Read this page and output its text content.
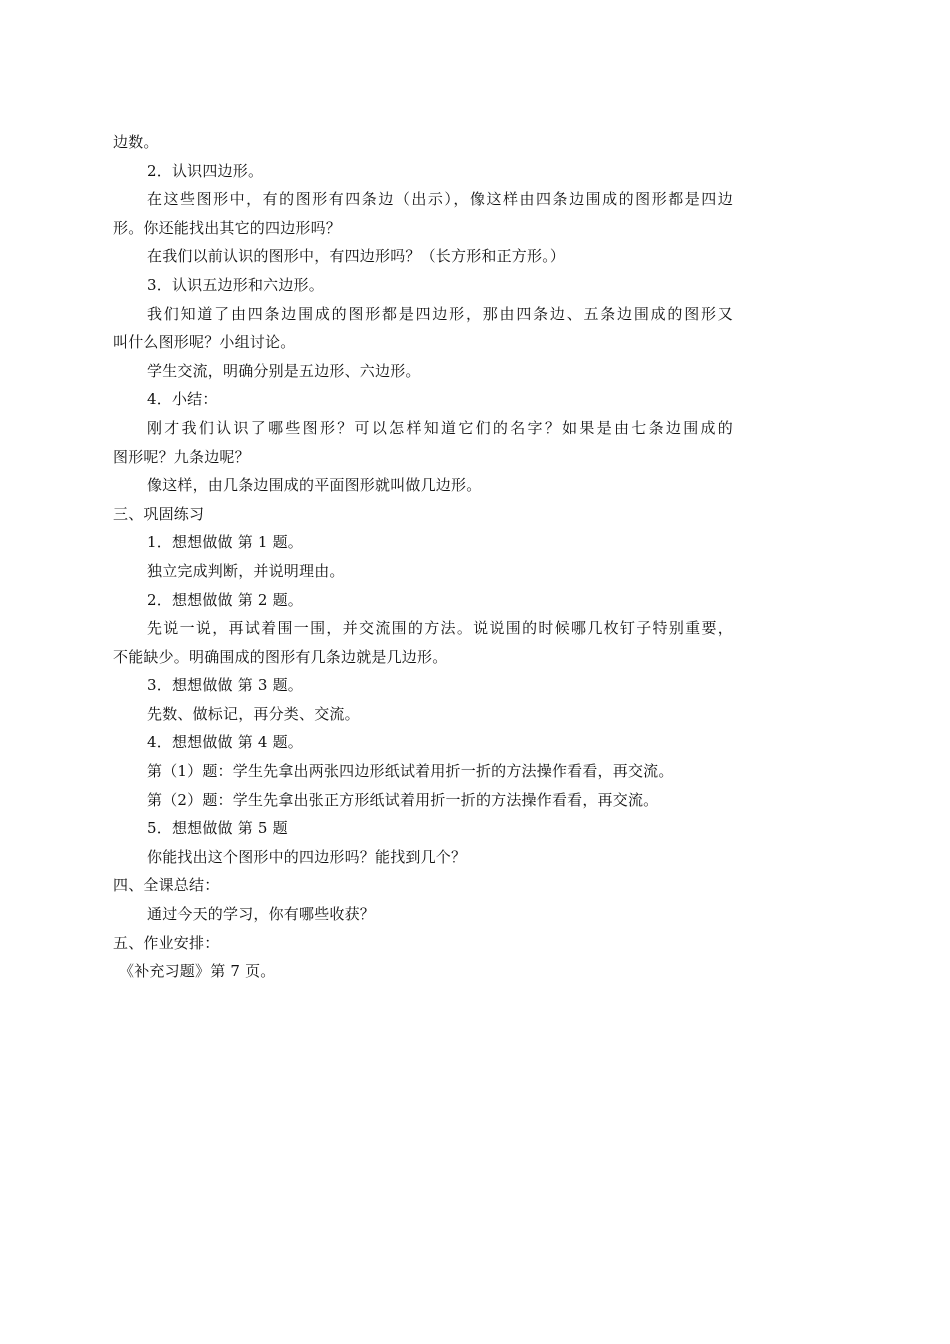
边数。
2．认识四边形。
在这些图形中，有的图形有四条边（出示），像这样由四条边围成的图形都是四边
形。你还能找出其它的四边形吗？
在我们以前认识的图形中，有四边形吗？（长方形和正方形。）
3．认识五边形和六边形。
我们知道了由四条边围成的图形都是四边形，那由四条边、五条边围成的图形又
叫什么图形呢？小组讨论。
学生交流，明确分别是五边形、六边形。
4．小结：
刚才我们认识了哪些图形？可以怎样知道它们的名字？如果是由七条边围成的
图形呢？九条边呢？
像这样，由几条边围成的平面图形就叫做几边形。
三、巩固练习
1．想想做做 第 1 题。
独立完成判断，并说明理由。
2．想想做做 第 2 题。
先说一说，再试着围一围，并交流围的方法。说说围的时候哪几枚钉子特别重要，
不能缺少。明确围成的图形有几条边就是几边形。
3．想想做做 第 3 题。
先数、做标记，再分类、交流。
4．想想做做 第 4 题。
第（1）题：学生先拿出两张四边形纸试着用折一折的方法操作看看，再交流。
第（2）题：学生先拿出张正方形纸试着用折一折的方法操作看看，再交流。
5．想想做做 第 5 题
你能找出这个图形中的四边形吗？能找到几个？
四、全课总结：
通过今天的学习，你有哪些收获？
五、作业安排：
《补充习题》第 7 页。
